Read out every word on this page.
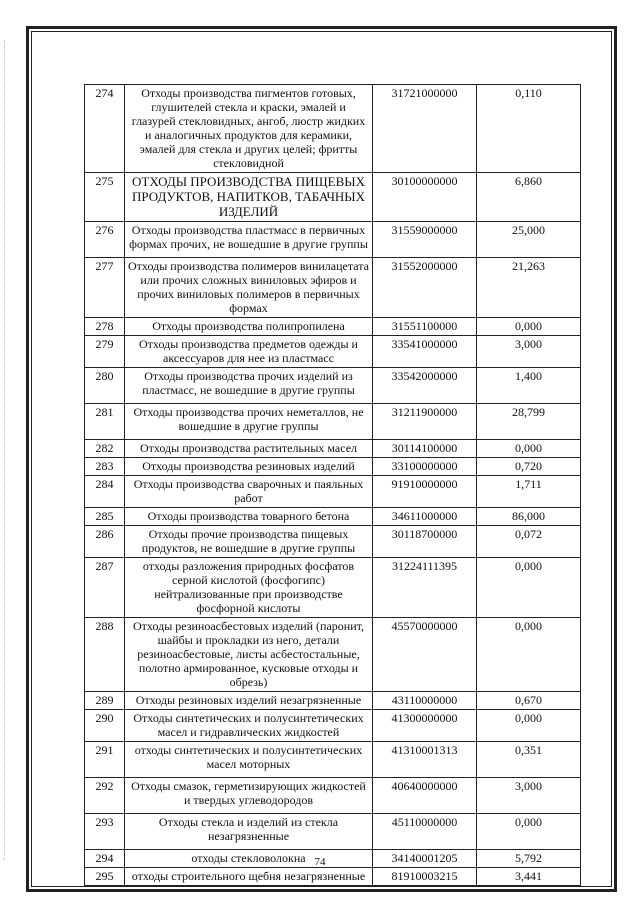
274	Отходы производства пигментов готовых, глушителей стекла и краски, эмалей и глазурей стекловидных, ангоб, люстр жидких и аналогичных продуктов для керамики, эмалей для стекла и других целей; фритты стекловидной	31721000000	0,110
275	ОТХОДЫ ПРОИЗВОДСТВА ПИЩЕВЫХ ПРОДУКТОВ, НАПИТКОВ, ТАБАЧНЫХ ИЗДЕЛИЙ	30100000000	6,860
276	Отходы производства пластмасс в первичных формах прочих, не вошедшие в другие группы	31559000000	25,000
277	Отходы производства полимеров винилацетата или прочих сложных виниловых эфиров и прочих виниловых полимеров в первичных формах	31552000000	21,263
278	Отходы производства полипропилена	31551100000	0,000
279	Отходы производства предметов одежды и аксессуаров для нее из пластмасс	33541000000	3,000
280	Отходы производства прочих изделий из пластмасс, не вошедшие в другие группы	33542000000	1,400
281	Отходы производства прочих неметаллов, не вошедшие в другие группы	31211900000	28,799
282	Отходы производства растительных масел	30114100000	0,000
283	Отходы производства резиновых изделий	33100000000	0,720
284	Отходы производства сварочных и паяльных работ	91910000000	1,711
285	Отходы производства товарного бетона	34611000000	86,000
286	Отходы прочие производства пищевых продуктов, не вошедшие в другие группы	30118700000	0,072
287	отходы разложения природных фосфатов серной кислотой (фосфогипс) нейтрализованные при производстве фосфорной кислоты	31224111395	0,000
288	Отходы резиноасбестовых изделий (паронит, шайбы и прокладки из него, детали резиноасбестовые, листы асбестостальные, полотно армированное, кусковые отходы и обрезь)	45570000000	0,000
289	Отходы резиновых изделий незагрязненные	43110000000	0,670
290	Отходы синтетических и полусинтетических масел и гидравлических жидкостей	41300000000	0,000
291	отходы синтетических и полусинтетических масел моторных	41310001313	0,351
292	Отходы смазок, герметизирующих жидкостей и твердых углеводородов	40640000000	3,000
293	Отходы стекла и изделий из стекла незагрязненные	45110000000	0,000
294	отходы стекловолокна	34140001205	5,792
295	отходы строительного щебня незагрязненные	81910003215	3,441
74
